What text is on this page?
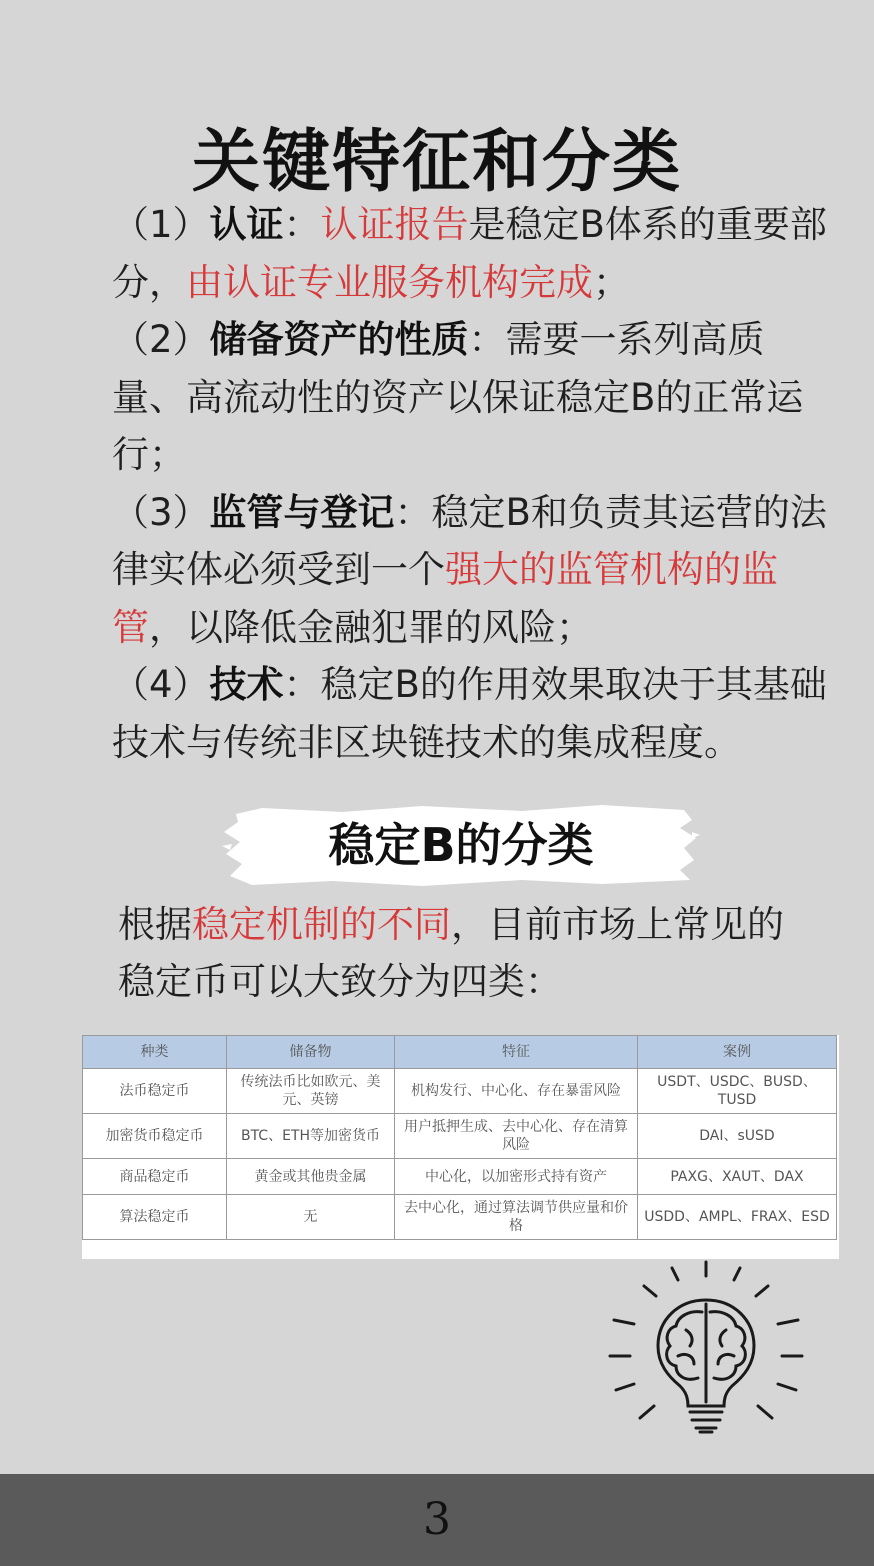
关键特征和分类

（1）认证：认证报告是稳定B体系的重要部分，由认证专业服务机构完成；

（2）储备资产的性质：需要一系列高质量、高流动性的资产以保证稳定B的正常运行；

（3）监管与登记：稳定B和负责其运营的法律实体必须受到一个强大的监管机构的监管，以降低金融犯罪的风险；

（4）技术：稳定B的作用效果取决于其基础技术与传统非区块链技术的集成程度。

稳定B的分类

根据稳定机制的不同，目前市场上常见的稳定币可以大致分为四类：

种类	储备物	特征	案例
法币稳定币	传统法币比如欧元、美元、英镑	机构发行、中心化、存在暴雷风险	USDT、USDC、BUSD、TUSD
加密货币稳定币	BTC、ETH等加密货币	用户抵押生成、去中心化、存在清算风险	DAI、sUSD
商品稳定币	黄金或其他贵金属	中心化，以加密形式持有资产	PAXG、XAUT、DAX
算法稳定币	无	去中心化，通过算法调节供应量和价格	USDD、AMPL、FRAX、ESD
3
